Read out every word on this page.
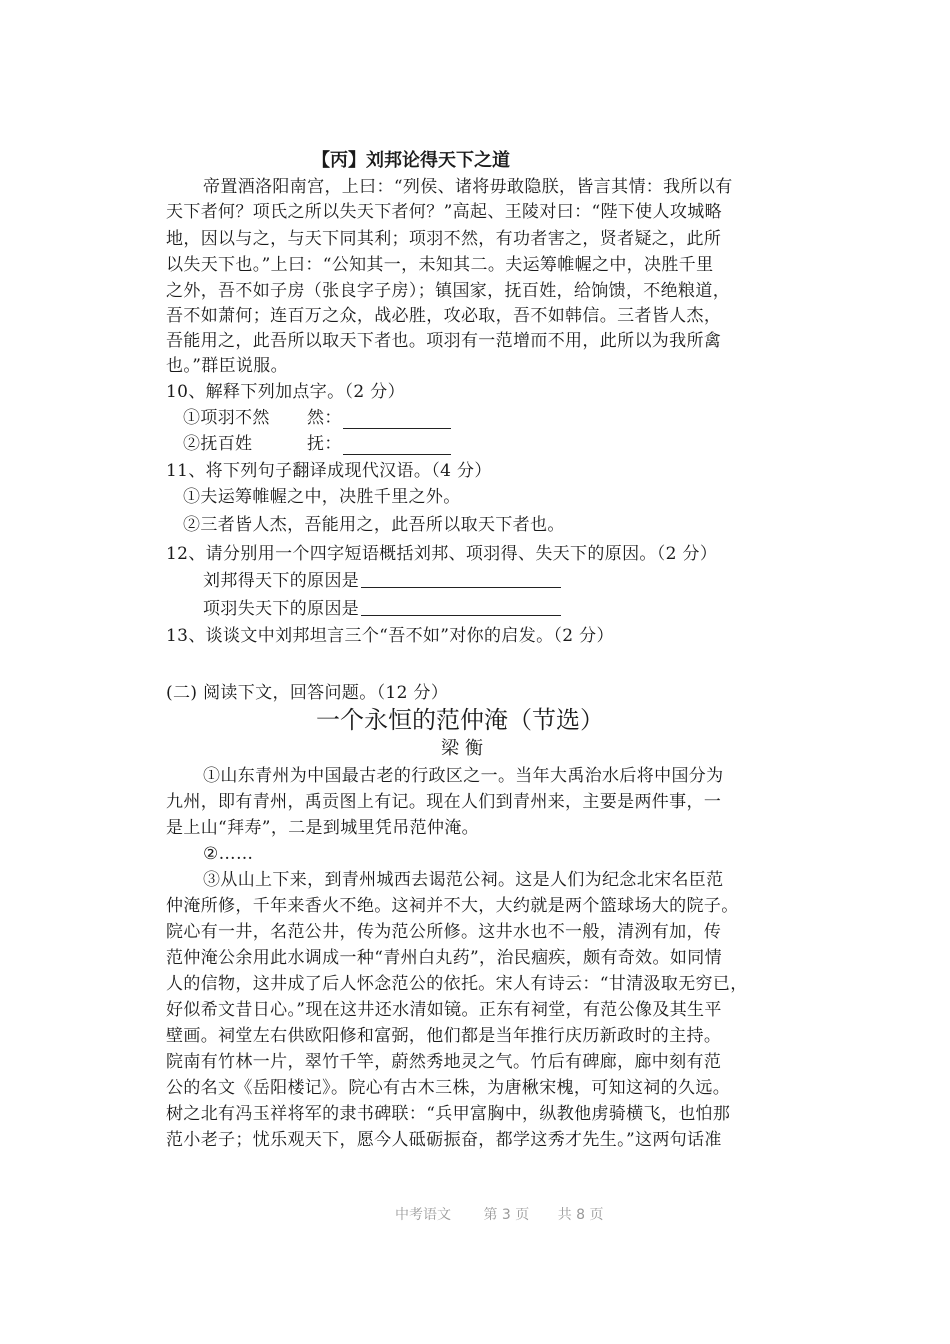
【丙】刘邦论得天下之道
帝置酒洛阳南宫，上曰：“列侯、诸将毋敢隐朕，皆言其情：我所以有
天下者何？项氏之所以失天下者何？”高起、王陵对曰：“陛下使人攻城略
地，因以与之，与天下同其利；项羽不然，有功者害之，贤者疑之，此所
以失天下也。”上曰：“公知其一，未知其二。夫运筹帷幄之中，决胜千里
之外，吾不如子房（张良字子房）；镇国家，抚百姓，给饷馈，不绝粮道，
吾不如萧何；连百万之众，战必胜，攻必取，吾不如韩信。三者皆人杰，
吾能用之，此吾所以取天下者也。项羽有一范增而不用，此所以为我所禽
也。”群臣说服。
10、解释下列加点字。（2 分）
①项羽不然 然：
②抚百姓	抚：
11、将下列句子翻译成现代汉语。（4 分）
①夫运筹帷幄之中，决胜千里之外。
②三者皆人杰，吾能用之，此吾所以取天下者也。
12、请分别用一个四字短语概括刘邦、项羽得、失天下的原因。（2 分）
刘邦得天下的原因是
项羽失天下的原因是
13、谈谈文中刘邦坦言三个“吾不如”对你的启发。（2 分）
(二) 阅读下文，回答问题。（12 分）
一个永恒的范仲淹（节选）
梁衡
①山东青州为中国最古老的行政区之一。当年大禹治水后将中国分为
九州，即有青州，禹贡图上有记。现在人们到青州来，主要是两件事，一
是上山“拜寿”，二是到城里凭吊范仲淹。
②……
③从山上下来，到青州城西去谒范公祠。这是人们为纪念北宋名臣范
仲淹所修，千年来香火不绝。这祠并不大，大约就是两个篮球场大的院子。
院心有一井，名范公井，传为范公所修。这井水也不一般，清洌有加，传
范仲淹公余用此水调成一种“青州白丸药”，治民痼疾，颇有奇效。如同情
人的信物，这井成了后人怀念范公的依托。宋人有诗云：“甘清汲取无穷已，
好似希文昔日心。”现在这井还水清如镜。正东有祠堂，有范公像及其生平
壁画。祠堂左右供欧阳修和富弼，他们都是当年推行庆历新政时的主持。
院南有竹林一片，翠竹千竿，蔚然秀地灵之气。竹后有碑廊，廊中刻有范
公的名文《岳阳楼记》。院心有古木三株，为唐楸宋槐，可知这祠的久远。
树之北有冯玉祥将军的隶书碑联：“兵甲富胸中，纵教他虏骑横飞，也怕那
范小老子；忧乐观天下，愿今人砥砺振奋，都学这秀才先生。”这两句话准
中考语文 第 3 页 共 8 页
